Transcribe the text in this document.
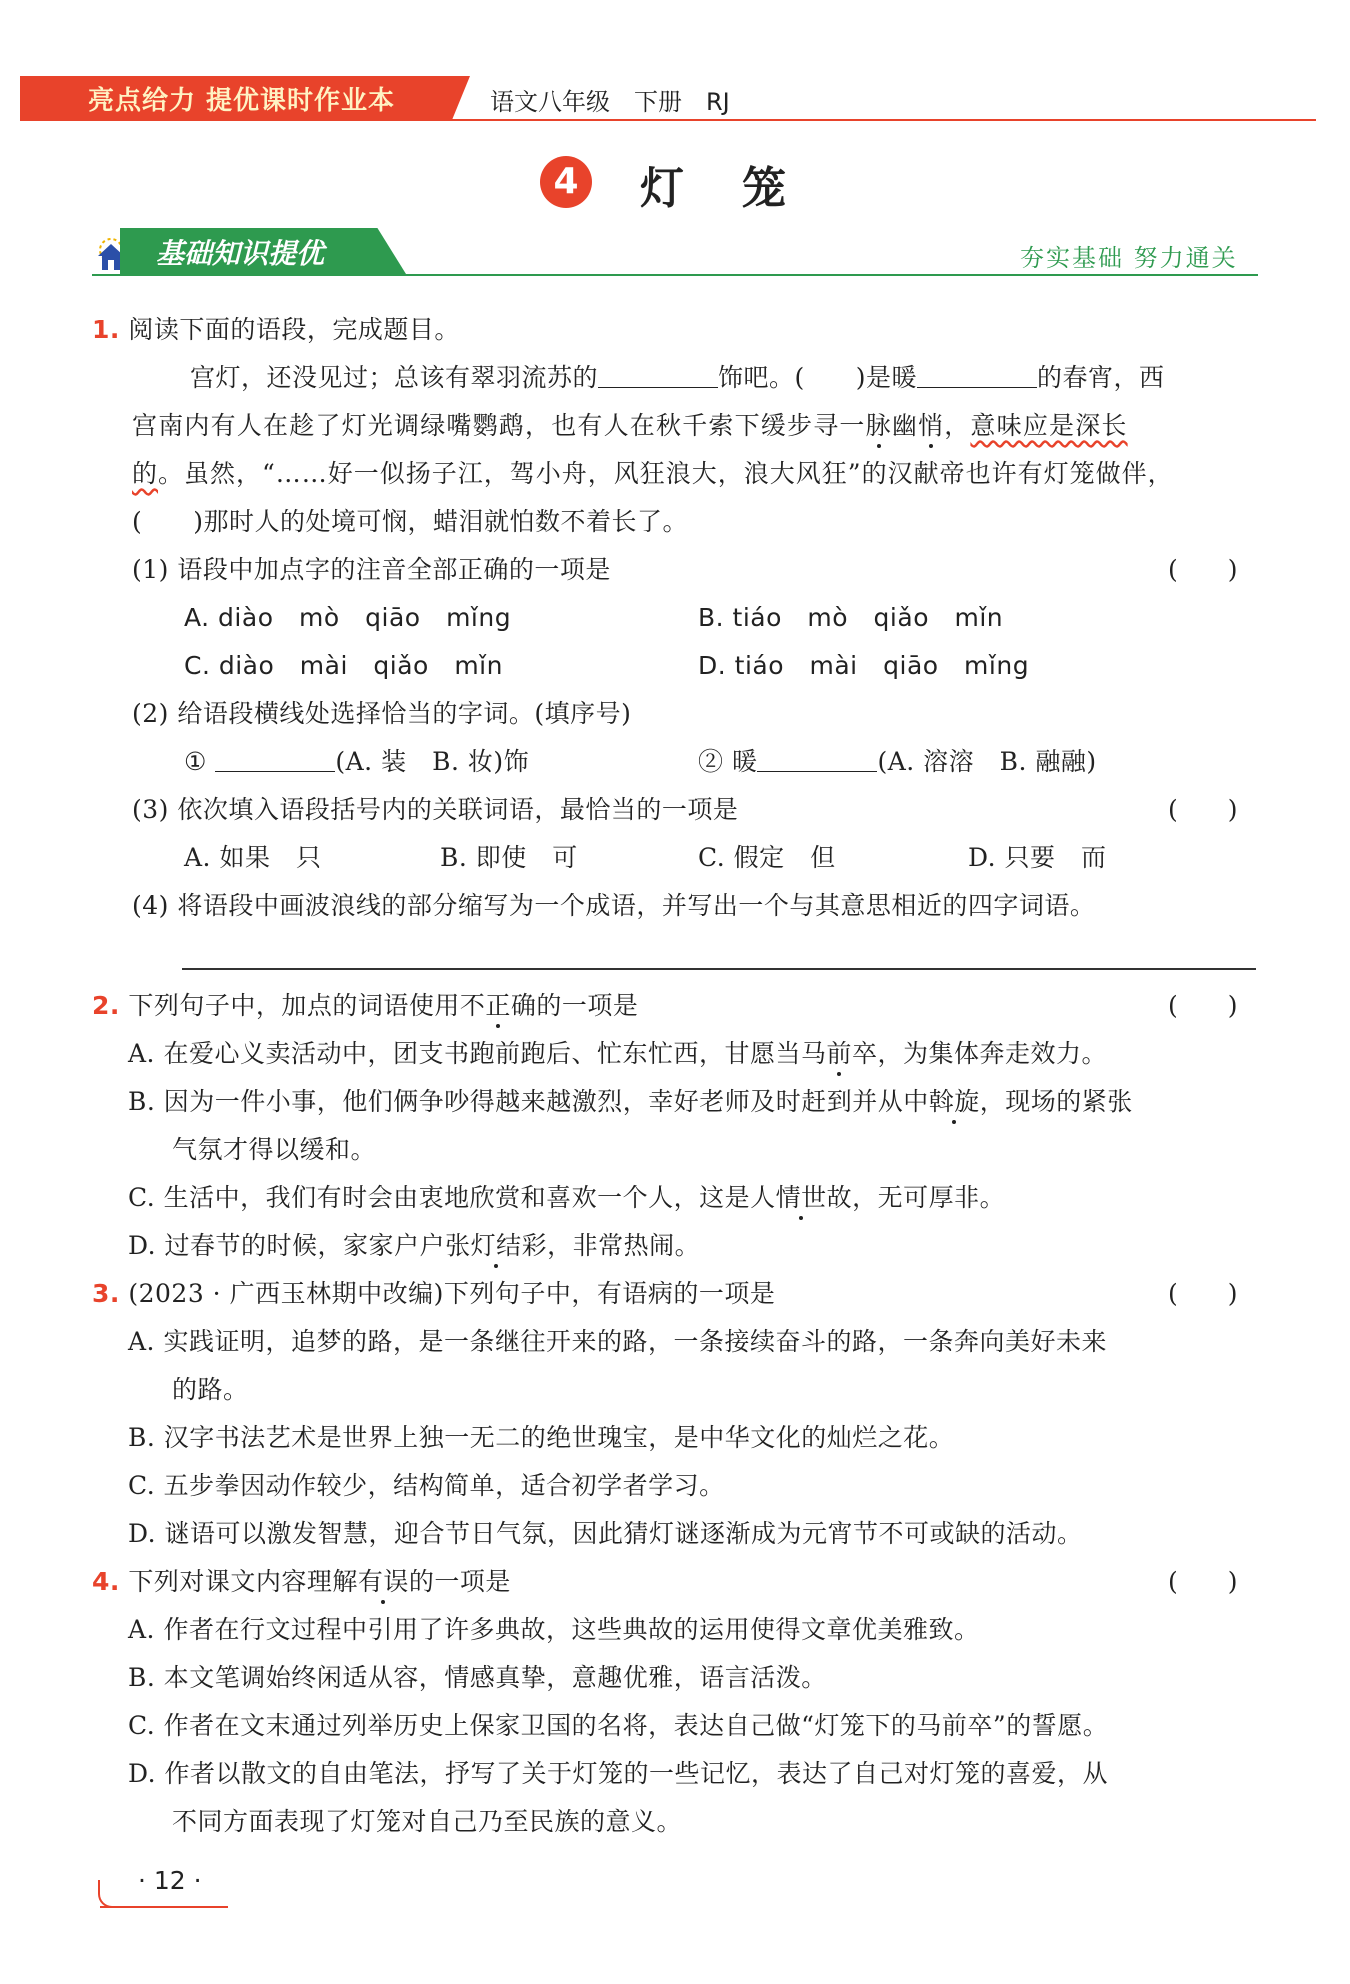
亮点给力 提优课时作业本	语文八年级　下册　RJ
4	灯笼
基础知识提优	夯实基础 努力通关
1. 阅读下面的语段，完成题目。
宫灯，还没见过；总该有翠羽流苏的	饰吧。(　　)是暖	的春宵，西
宫南内有人在趁了灯光调绿嘴鹦鹉，也有人在秋千索下缓步寻一脉幽悄，意味应是深长
的。虽然，“……好一似扬子江，驾小舟，风狂浪大，浪大风狂”的汉献帝也许有灯笼做伴，
(　　)那时人的处境可悯，蜡泪就怕数不着长了。
(1) 语段中加点字的注音全部正确的一项是	(　　)
A. diào　mò　qiāo　mǐng	B. tiáo　mò　qiǎo　mǐn
C. diào　mài　qiǎo　mǐn	D. tiáo　mài　qiāo　mǐng
(2) 给语段横线处选择恰当的字词。(填序号)
①	(A. 装　B. 妆)饰	② 暖	(A. 溶溶　B. 融融)
(3) 依次填入语段括号内的关联词语，最恰当的一项是	(　　)
A. 如果　只	B. 即使　可	C. 假定　但	D. 只要　而
(4) 将语段中画波浪线的部分缩写为一个成语，并写出一个与其意思相近的四字词语。
2. 下列句子中，加点的词语使用不正确的一项是	(　　)
A. 在爱心义卖活动中，团支书跑前跑后、忙东忙西，甘愿当马前卒，为集体奔走效力。
B. 因为一件小事，他们俩争吵得越来越激烈，幸好老师及时赶到并从中斡旋，现场的紧张
气氛才得以缓和。
C. 生活中，我们有时会由衷地欣赏和喜欢一个人，这是人情世故，无可厚非。
D. 过春节的时候，家家户户张灯结彩，非常热闹。
3. (2023 · 广西玉林期中改编)下列句子中，有语病的一项是	(　　)
A. 实践证明，追梦的路，是一条继往开来的路，一条接续奋斗的路，一条奔向美好未来
的路。
B. 汉字书法艺术是世界上独一无二的绝世瑰宝，是中华文化的灿烂之花。
C. 五步拳因动作较少，结构简单，适合初学者学习。
D. 谜语可以激发智慧，迎合节日气氛，因此猜灯谜逐渐成为元宵节不可或缺的活动。
4. 下列对课文内容理解有误的一项是	(　　)
A. 作者在行文过程中引用了许多典故，这些典故的运用使得文章优美雅致。
B. 本文笔调始终闲适从容，情感真挚，意趣优雅，语言活泼。
C. 作者在文末通过列举历史上保家卫国的名将，表达自己做“灯笼下的马前卒”的誓愿。
D. 作者以散文的自由笔法，抒写了关于灯笼的一些记忆，表达了自己对灯笼的喜爱，从
不同方面表现了灯笼对自己乃至民族的意义。
· 12 ·
